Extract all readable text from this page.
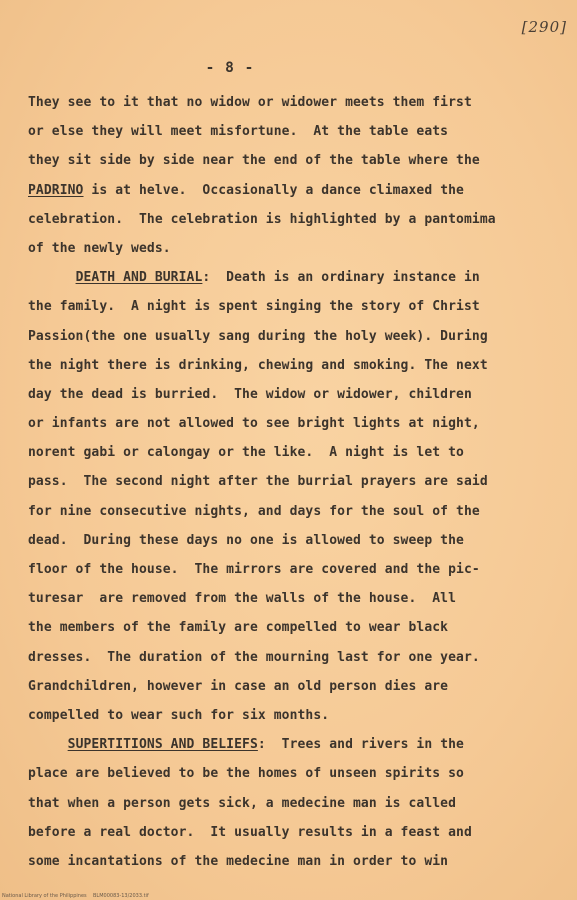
[290]
- 8 -
They see to it that no widow or widower meets them first
or else they will meet misfortune.  At the table eats
they sit side by side near the end of the table where the
PADRINO is at helve.  Occasionally a dance climaxed the
celebration.  The celebration is highlighted by a pantomima
of the newly weds.
DEATH AND BURIAL:  Death is an ordinary instance in
the family.  A night is spent singing the story of Christ
Passion(the one usually sang during the holy week). During
the night there is drinking, chewing and smoking. The next
day the dead is burried.  The widow or widower, children
or infants are not allowed to see bright lights at night,
norent gabi or calongay or the like.  A night is let to
pass.  The second night after the burrial prayers are said
for nine consecutive nights, and days for the soul of the
dead.  During these days no one is allowed to sweep the
floor of the house.  The mirrors are covered and the pic-
turesar  are removed from the walls of the house.  All
the members of the family are compelled to wear black
dresses.  The duration of the mourning last for one year.
Grandchildren, however in case an old person dies are
compelled to wear such for six months.
SUPERTITIONS AND BELIEFS:  Trees and rivers in the
place are believed to be the homes of unseen spirits so
that when a person gets sick, a medecine man is called
before a real doctor.  It usually results in a feast and
some incantations of the medecine man in order to win
National Library of the Philippines    BLM00083-13/2033.tif
